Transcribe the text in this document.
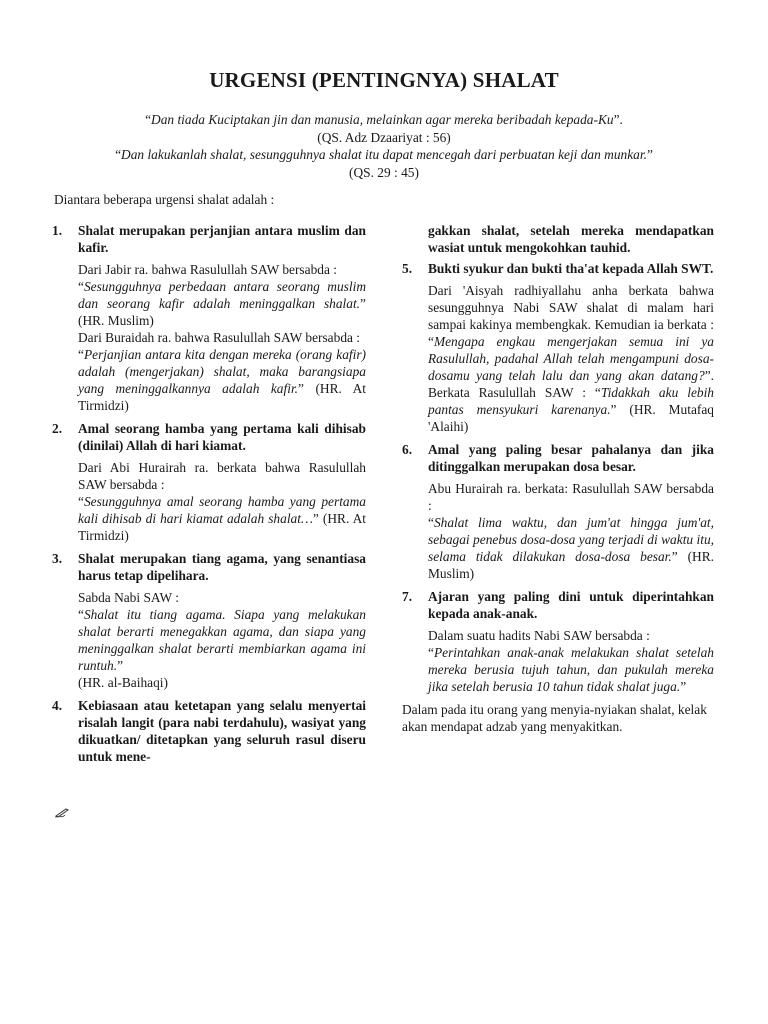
URGENSI (PENTINGNYA) SHALAT
“Dan tiada Kuciptakan jin dan manusia, melainkan agar mereka beribadah kepada-Ku”.
(QS. Adz Dzaariyat : 56)
“Dan lakukanlah shalat, sesungguhnya shalat itu dapat mencegah dari perbuatan keji dan munkar.”
(QS. 29 : 45)
Diantara beberapa urgensi shalat adalah :
1.	Shalat merupakan perjanjian antara muslim dan kafir.

Dari Jabir ra. bahwa Rasulullah SAW bersabda :
“Sesungguhnya perbedaan antara seorang muslim dan seorang kafir adalah meninggalkan shalat.” (HR. Muslim)

Dari Buraidah ra. bahwa Rasulullah SAW bersabda :
“Perjanjian antara kita dengan mereka (orang kafir) adalah (mengerjakan) shalat, maka barangsiapa yang meninggalkannya adalah kafir.” (HR. At Tirmidzi)

2.	Amal seorang hamba yang pertama kali dihisab (dinilai) Allah di hari kiamat.

Dari Abi Hurairah ra. berkata bahwa Rasulullah SAW bersabda :
“Sesungguhnya amal seorang hamba yang pertama kali dihisab di hari kiamat adalah shalat…” (HR. At Tirmidzi)

3.	Shalat merupakan tiang agama, yang senantiasa harus tetap dipelihara.

Sabda Nabi SAW :
“Shalat itu tiang agama. Siapa yang melakukan shalat berarti menegakkan agama, dan siapa yang meninggalkan shalat berarti membiarkan agama ini runtuh.”
(HR. al-Baihaqi)

4.	Kebiasaan atau ketetapan yang selalu menyertai risalah langit (para nabi terdahulu), wasiyat yang dikuatkan/ ditetapkan yang seluruh rasul diseru untuk mene-
gakkan shalat, setelah mereka mendapatkan wasiat untuk mengokohkan tauhid.
5.	Bukti syukur dan bukti tha'at kepada Allah SWT.

Dari 'Aisyah radhiyallahu anha berkata bahwa sesungguhnya Nabi SAW shalat di malam hari sampai kakinya membengkak. Kemudian ia berkata : “Mengapa engkau mengerjakan semua ini ya Rasulullah, padahal Allah telah mengampuni dosa-dosamu yang telah lalu dan yang akan datang?”. Berkata Rasulullah SAW : “Tidakkah aku lebih pantas mensyukuri karenanya.” (HR. Mutafaq 'Alaihi)

6.	Amal yang paling besar pahalanya dan jika ditinggalkan merupakan dosa besar.

Abu Hurairah ra. berkata: Rasulullah SAW bersabda :
“Shalat lima waktu, dan jum'at hingga jum'at, sebagai penebus dosa-dosa yang terjadi di waktu itu, selama tidak dilakukan dosa-dosa besar.” (HR. Muslim)

7.	Ajaran yang paling dini untuk diperintahkan kepada anak-anak.

Dalam suatu hadits Nabi SAW bersabda :
“Perintahkan anak-anak melakukan shalat setelah mereka berusia tujuh tahun, dan pukulah mereka jika setelah berusia 10 tahun tidak shalat juga.”

Dalam pada itu orang yang menyia-nyiakan shalat, kelak akan mendapat adzab yang menyakitkan.
